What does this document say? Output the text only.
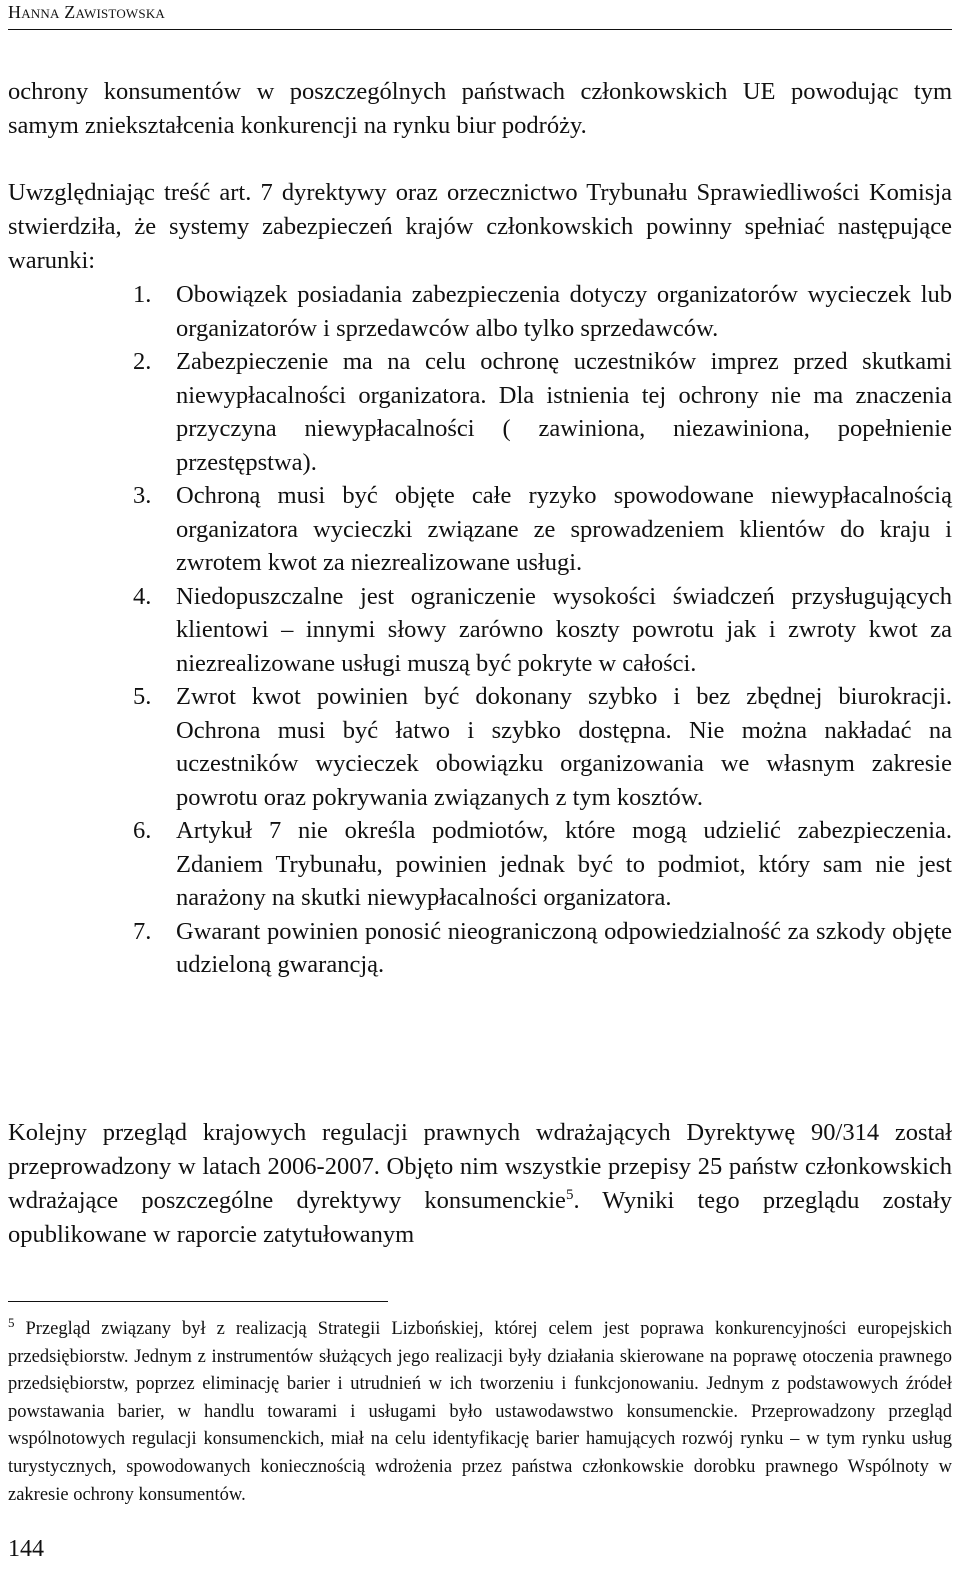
Hanna Zawistowska

ochrony konsumentów w poszczególnych państwach członkowskich UE powodując tym samym zniekształcenia konkurencji na rynku biur podróży.

Uwzględniając treść art. 7 dyrektywy oraz orzecznictwo Trybunału Sprawiedliwości Komisja stwierdziła, że systemy zabezpieczeń krajów członkowskich powinny spełniać następujące warunki:

1. Obowiązek posiadania zabezpieczenia dotyczy organizatorów wycieczek lub organizatorów i sprzedawców albo tylko sprzedawców.
2. Zabezpieczenie ma na celu ochronę uczestników imprez przed skutkami niewypłacalności organizatora. Dla istnienia tej ochrony nie ma znaczenia przyczyna niewypłacalności ( zawiniona, niezawiniona, popełnienie przestępstwa).
3. Ochroną musi być objęte całe ryzyko spowodowane niewypłacalnością organizatora wycieczki związane ze sprowadzeniem klientów do kraju i zwrotem kwot za niezrealizowane usługi.
4. Niedopuszczalne jest ograniczenie wysokości świadczeń przysługujących klientowi – innymi słowy zarówno koszty powrotu jak i zwroty kwot za niezrealizowane usługi muszą być pokryte w całości.
5. Zwrot kwot powinien być dokonany szybko i bez zbędnej biurokracji. Ochrona musi być łatwo i szybko dostępna. Nie można nakładać na uczestników wycieczek obowiązku organizowania we własnym zakresie powrotu oraz pokrywania związanych z tym kosztów.
6. Artykuł 7 nie określa podmiotów, które mogą udzielić zabezpieczenia. Zdaniem Trybunału, powinien jednak być to podmiot, który sam nie jest narażony na skutki niewypłacalności organizatora.
7. Gwarant powinien ponosić nieograniczoną odpowiedzialność za szkody objęte udzieloną gwarancją.

Kolejny przegląd krajowych regulacji prawnych wdrażających Dyrektywę 90/314 został przeprowadzony w latach 2006-2007. Objęto nim wszystkie przepisy 25 państw członkowskich wdrażające poszczególne dyrektywy konsumenckie$^5$. Wyniki tego przeglądu zostały opublikowane w raporcie zatytułowanym

$^5$ Przegląd związany był z realizacją Strategii Lizbońskiej, której celem jest poprawa konkurencyjności europejskich przedsiębiorstw. Jednym z instrumentów służących jego realizacji były działania skierowane na poprawę otoczenia prawnego przedsiębiorstw, poprzez eliminację barier i utrudnień w ich tworzeniu i funkcjonowaniu. Jednym z podstawowych źródeł powstawania barier, w handlu towarami i usługami było ustawodawstwo konsumenckie. Przeprowadzony przegląd wspólnotowych regulacji konsumenckich, miał na celu identyfikację barier hamujących rozwój rynku – w tym rynku usług turystycznych, spowodowanych koniecznością wdrożenia przez państwa członkowskie dorobku prawnego Wspólnoty w zakresie ochrony konsumentów.

144
